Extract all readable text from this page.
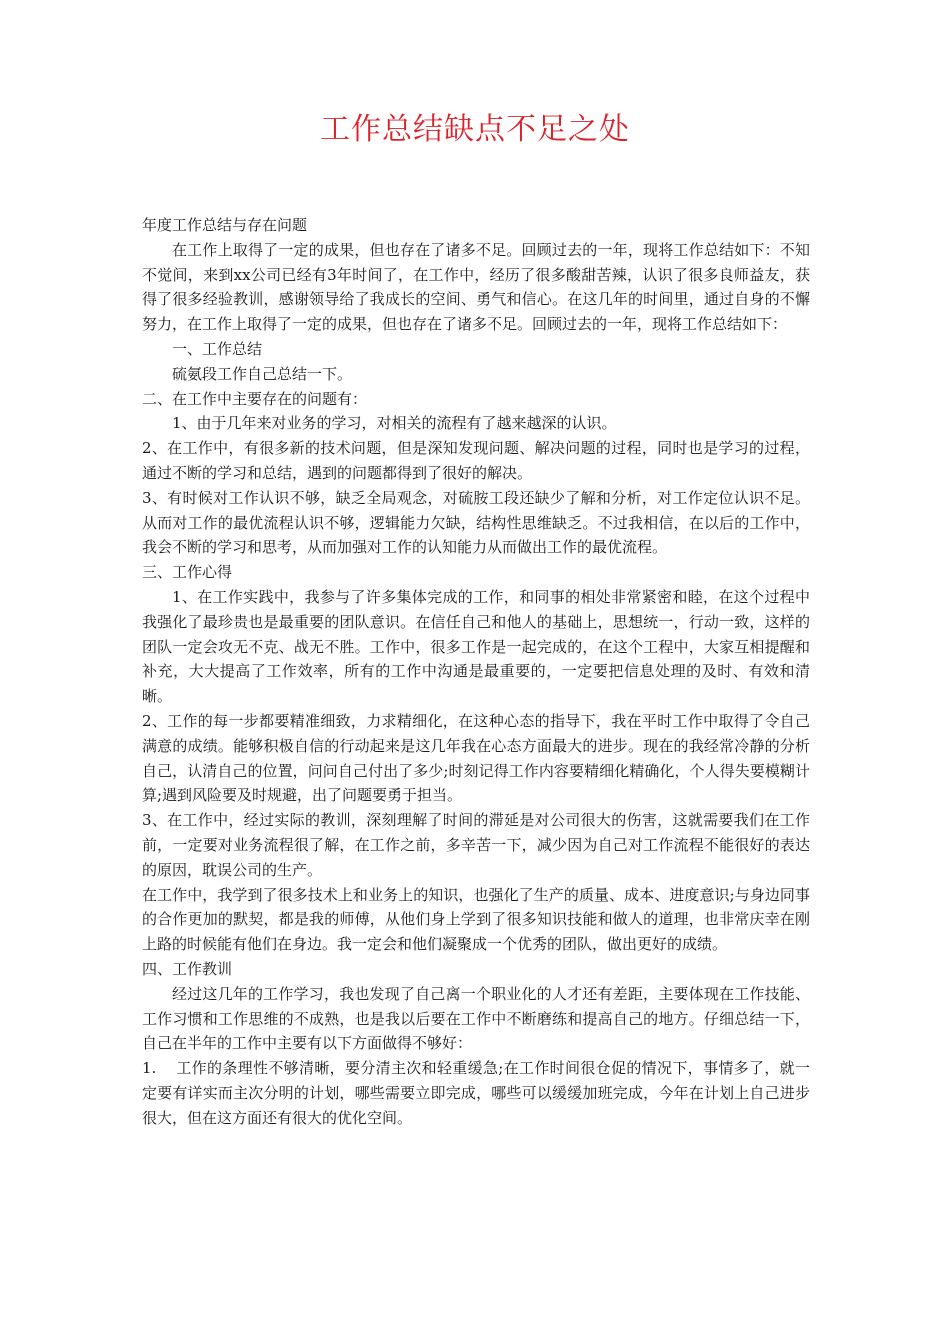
工作总结缺点不足之处

年度工作总结与存在问题

在工作上取得了一定的成果，但也存在了诸多不足。回顾过去的一年，现将工作总结如下：不知不觉间，来到xx公司已经有3年时间了，在工作中，经历了很多酸甜苦辣，认识了很多良师益友，获得了很多经验教训，感谢领导给了我成长的空间、勇气和信心。在这几年的时间里，通过自身的不懈努力，在工作上取得了一定的成果，但也存在了诸多不足。回顾过去的一年，现将工作总结如下：

一、工作总结

硫氨段工作自己总结一下。

二、在工作中主要存在的问题有：

1、由于几年来对业务的学习，对相关的流程有了越来越深的认识。

2、在工作中，有很多新的技术问题，但是深知发现问题、解决问题的过程，同时也是学习的过程，通过不断的学习和总结，遇到的问题都得到了很好的解决。

3、有时候对工作认识不够，缺乏全局观念，对硫胺工段还缺少了解和分析，对工作定位认识不足。从而对工作的最优流程认识不够，逻辑能力欠缺，结构性思维缺乏。不过我相信，在以后的工作中，我会不断的学习和思考，从而加强对工作的认知能力从而做出工作的最优流程。

三、工作心得

1、在工作实践中，我参与了许多集体完成的工作，和同事的相处非常紧密和睦，在这个过程中我强化了最珍贵也是最重要的团队意识。在信任自己和他人的基础上，思想统一，行动一致，这样的团队一定会攻无不克、战无不胜。工作中，很多工作是一起完成的，在这个工程中，大家互相提醒和补充，大大提高了工作效率，所有的工作中沟通是最重要的，一定要把信息处理的及时、有效和清晰。

2、工作的每一步都要精准细致，力求精细化，在这种心态的指导下，我在平时工作中取得了令自己满意的成绩。能够积极自信的行动起来是这几年我在心态方面最大的进步。现在的我经常冷静的分析自己，认清自己的位置，问问自己付出了多少;时刻记得工作内容要精细化精确化，个人得失要模糊计算;遇到风险要及时规避，出了问题要勇于担当。

3、在工作中，经过实际的教训，深刻理解了时间的滞延是对公司很大的伤害，这就需要我们在工作前，一定要对业务流程很了解，在工作之前，多辛苦一下，减少因为自己对工作流程不能很好的表达的原因，耽误公司的生产。

在工作中，我学到了很多技术上和业务上的知识，也强化了生产的质量、成本、进度意识;与身边同事的合作更加的默契，都是我的师傅，从他们身上学到了很多知识技能和做人的道理，也非常庆幸在刚上路的时候能有他们在身边。我一定会和他们凝聚成一个优秀的团队，做出更好的成绩。

四、工作教训

经过这几年的工作学习，我也发现了自己离一个职业化的人才还有差距，主要体现在工作技能、工作习惯和工作思维的不成熟，也是我以后要在工作中不断磨练和提高自己的地方。仔细总结一下，自己在半年的工作中主要有以下方面做得不够好：

1. 工作的条理性不够清晰，要分清主次和轻重缓急;在工作时间很仓促的情况下，事情多了，就一定要有详实而主次分明的计划，哪些需要立即完成，哪些可以缓缓加班完成，今年在计划上自己进步很大，但在这方面还有很大的优化空间。
